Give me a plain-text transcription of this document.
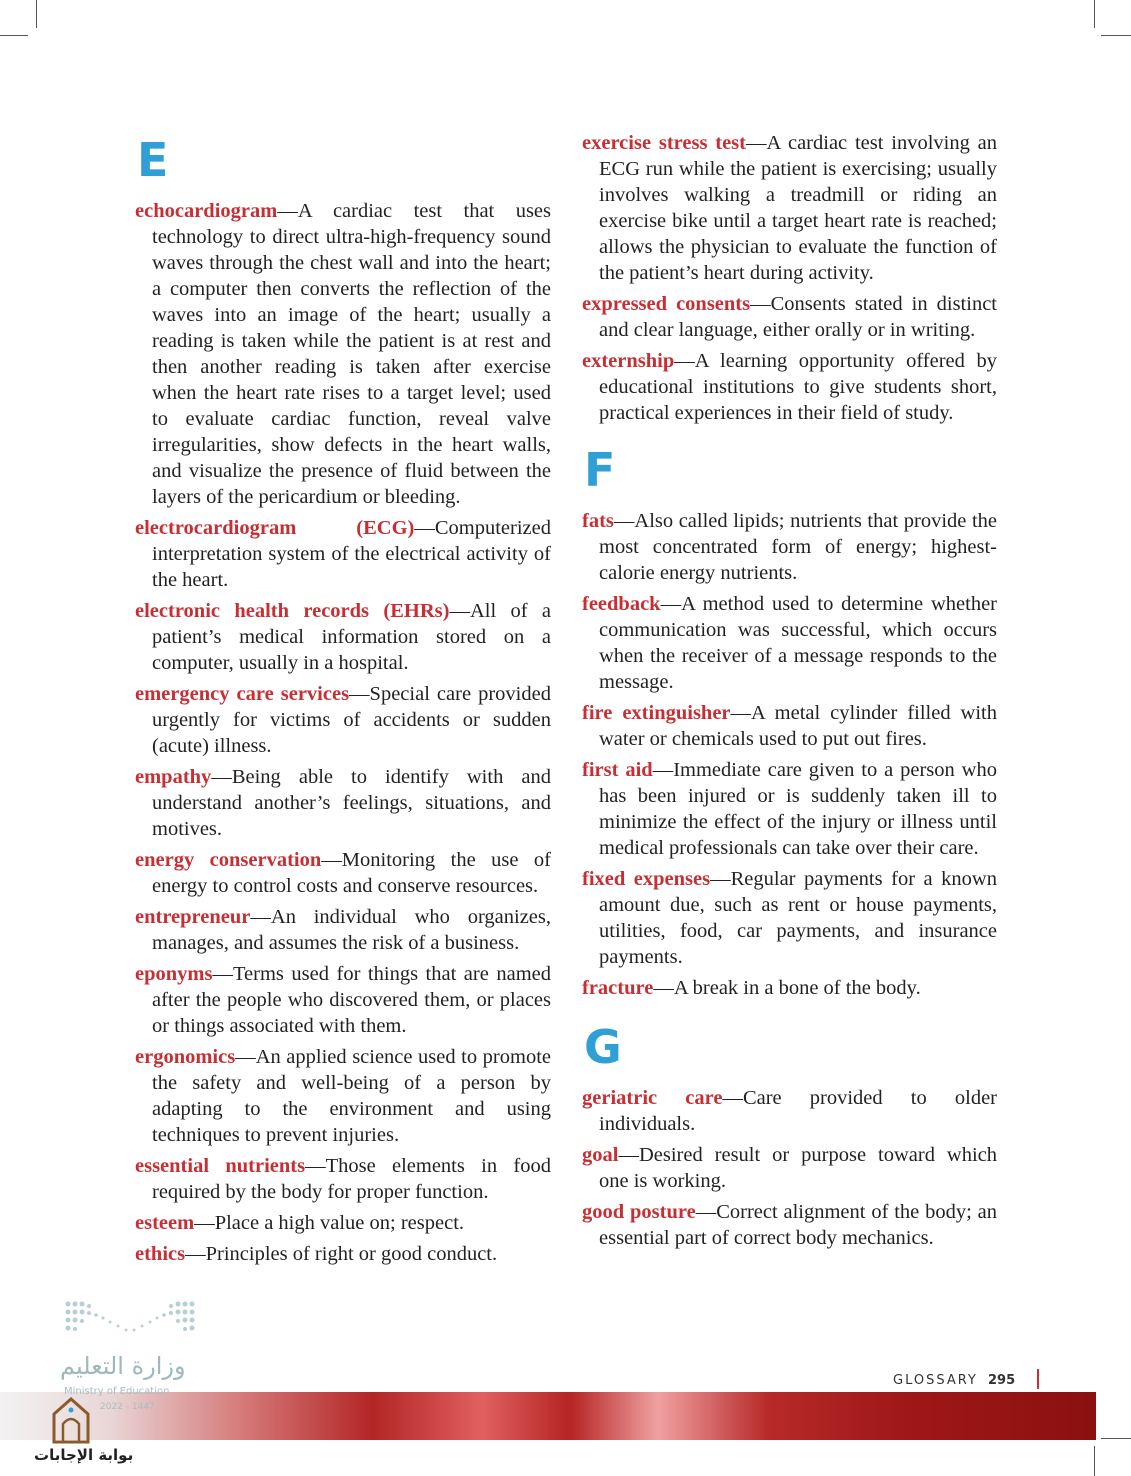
E

echocardiogram—A cardiac test that uses technology to direct ultra-high-frequency sound waves through the chest wall and into the heart; a computer then converts the reflection of the waves into an image of the heart; usually a reading is taken while the patient is at rest and then another reading is taken after exercise when the heart rate rises to a target level; used to evaluate cardiac function, reveal valve irregularities, show defects in the heart walls, and visualize the presence of fluid between the layers of the pericardium or bleeding.

electrocardiogram (ECG)—Computerized interpretation system of the electrical activity of the heart.

electronic health records (EHRs)—All of a patient’s medical information stored on a computer, usually in a hospital.

emergency care services—Special care provided urgently for victims of accidents or sudden (acute) illness.

empathy—Being able to identify with and understand another’s feelings, situations, and motives.

energy conservation—Monitoring the use of energy to control costs and conserve resources.

entrepreneur—An individual who organizes, manages, and assumes the risk of a business.

eponyms—Terms used for things that are named after the people who discovered them, or places or things associated with them.

ergonomics—An applied science used to promote the safety and well-being of a person by adapting to the environment and using techniques to prevent injuries.

essential nutrients—Those elements in food required by the body for proper function.

esteem—Place a high value on; respect.

ethics—Principles of right or good conduct.

exercise stress test—A cardiac test involving an ECG run while the patient is exercising; usually involves walking a treadmill or riding an exercise bike until a target heart rate is reached; allows the physician to evaluate the function of the patient’s heart during activity.

expressed consents—Consents stated in distinct and clear language, either orally or in writing.

externship—A learning opportunity offered by educational institutions to give students short, practical experiences in their field of study.

F

fats—Also called lipids; nutrients that provide the most concentrated form of energy; highest-calorie energy nutrients.

feedback—A method used to determine whether communication was successful, which occurs when the receiver of a message responds to the message.

fire extinguisher—A metal cylinder filled with water or chemicals used to put out fires.

first aid—Immediate care given to a person who has been injured or is suddenly taken ill to minimize the effect of the injury or illness until medical professionals can take over their care.

fixed expenses—Regular payments for a known amount due, such as rent or house payments, utilities, food, car payments, and insurance payments.

fracture—A break in a bone of the body.

G

geriatric care—Care provided to older individuals.

goal—Desired result or purpose toward which one is working.

good posture—Correct alignment of the body; an essential part of correct body mechanics.

وزارة التعليم
Ministry of Education
2022 - 1447
GLOSSARY 295
بوابة الإجابات
